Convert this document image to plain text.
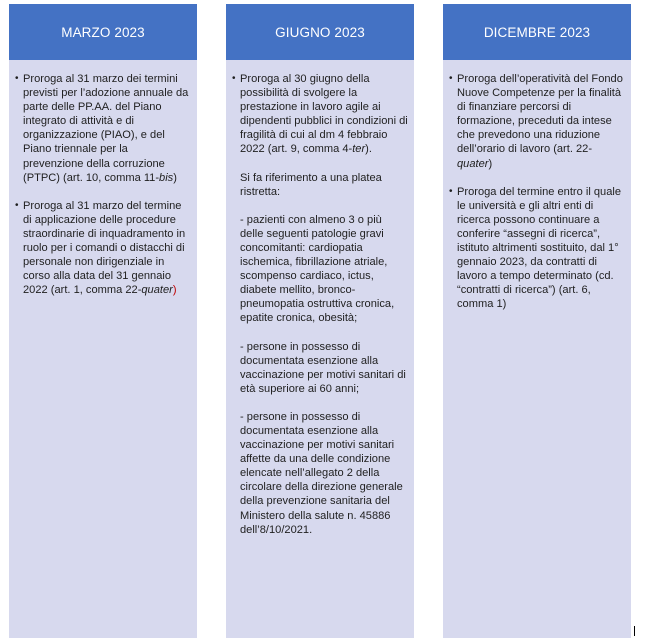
MARZO 2023
• Proroga al 31 marzo dei termini previsti per l’adozione annuale da parte delle PP.AA. del Piano integrato di attività e di organizzazione (PIAO), e del Piano triennale per la prevenzione della corruzione (PTPC) (art. 10, comma 11-bis)
• Proroga al 31 marzo del termine di applicazione delle procedure straordinarie di inquadramento in ruolo per i comandi o distacchi di personale non dirigenziale in corso alla data del 31 gennaio 2022 (art. 1, comma 22-quater)
GIUGNO 2023
• Proroga al 30 giugno della possibilità di svolgere la prestazione in lavoro agile ai dipendenti pubblici in condizioni di fragilità di cui al dm 4 febbraio 2022 (art. 9, comma 4-ter).
Si fa riferimento a una platea ristretta:
- pazienti con almeno 3 o più delle seguenti patologie gravi concomitanti: cardiopatia ischemica, fibrillazione atriale, scompenso cardiaco, ictus, diabete mellito, bronco-pneumopatia ostruttiva cronica, epatite cronica, obesità;
- persone in possesso di documentata esenzione alla vaccinazione per motivi sanitari di età superiore ai 60 anni;
- persone in possesso di documentata esenzione alla vaccinazione per motivi sanitari affette da una delle condizione elencate nell’allegato 2 della circolare della direzione generale della prevenzione sanitaria del Ministero della salute n. 45886 dell’8/10/2021.
DICEMBRE 2023
• Proroga dell’operatività del Fondo Nuove Competenze per la finalità di finanziare percorsi di formazione, preceduti da intese che prevedono una riduzione dell’orario di lavoro (art. 22-quater)
• Proroga del termine entro il quale le università e gli altri enti di ricerca possono continuare a conferire “assegni di ricerca”, istituto altrimenti sostituito, dal 1° gennaio 2023, da contratti di lavoro a tempo determinato (cd. “contratti di ricerca”) (art. 6, comma 1)
